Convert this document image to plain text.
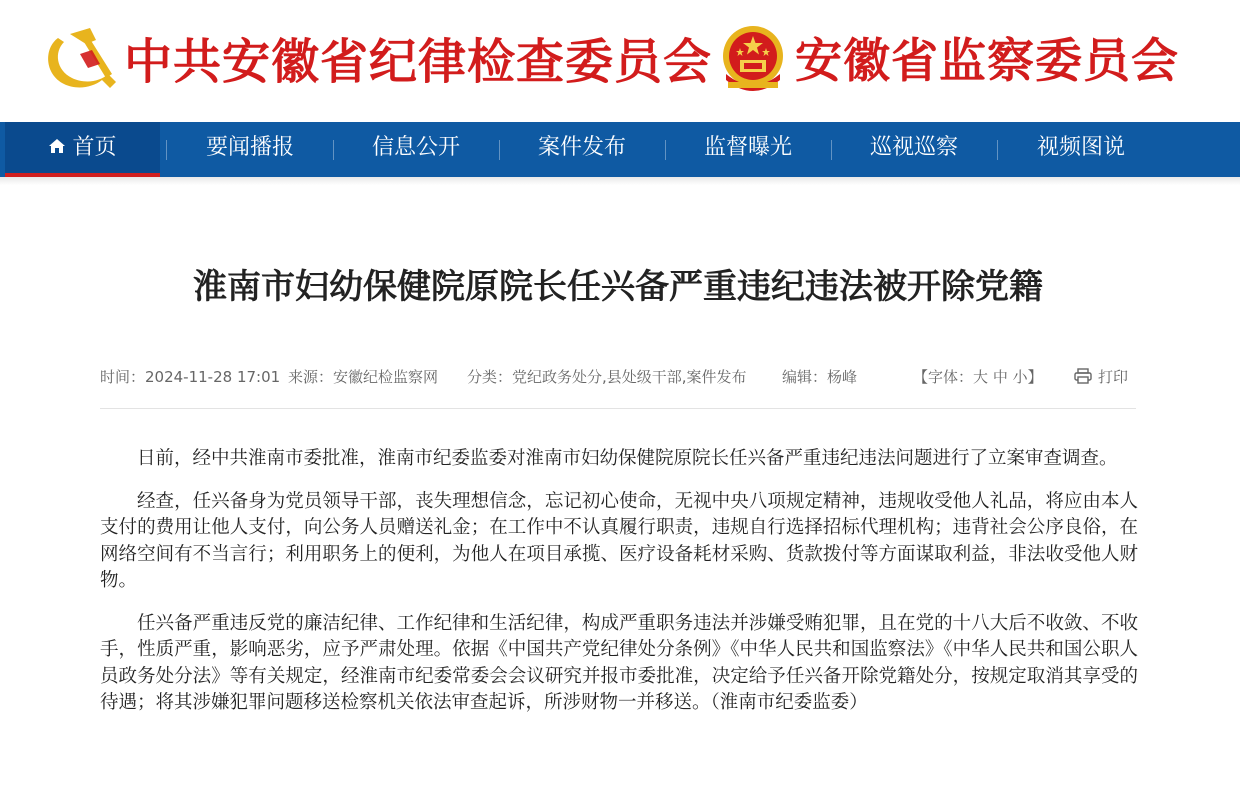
中共安徽省纪律检查委员会 安徽省监察委员会
首页	要闻播报	信息公开	案件发布	监督曝光	巡视巡察	视频图说
淮南市妇幼保健院原院长任兴备严重违纪违法被开除党籍
时间：2024-11-28 17:01 来源：安徽纪检监察网 分类：党纪政务处分,县处级干部,案件发布 编辑：杨峰	【字体：大 中 小】	打印

日前，经中共淮南市委批准，淮南市纪委监委对淮南市妇幼保健院原院长任兴备严重违纪违法问题进行了立案审查调查。

经查，任兴备身为党员领导干部，丧失理想信念，忘记初心使命，无视中央八项规定精神，违规收受他人礼品，将应由本人支付的费用让他人支付，向公务人员赠送礼金；在工作中不认真履行职责，违规自行选择招标代理机构；违背社会公序良俗，在网络空间有不当言行；利用职务上的便利，为他人在项目承揽、医疗设备耗材采购、货款拨付等方面谋取利益，非法收受他人财物。

任兴备严重违反党的廉洁纪律、工作纪律和生活纪律，构成严重职务违法并涉嫌受贿犯罪，且在党的十八大后不收敛、不收手，性质严重，影响恶劣，应予严肃处理。依据《中国共产党纪律处分条例》《中华人民共和国监察法》《中华人民共和国公职人员政务处分法》等有关规定，经淮南市纪委常委会会议研究并报市委批准，决定给予任兴备开除党籍处分，按规定取消其享受的待遇；将其涉嫌犯罪问题移送检察机关依法审查起诉，所涉财物一并移送。（淮南市纪委监委）
